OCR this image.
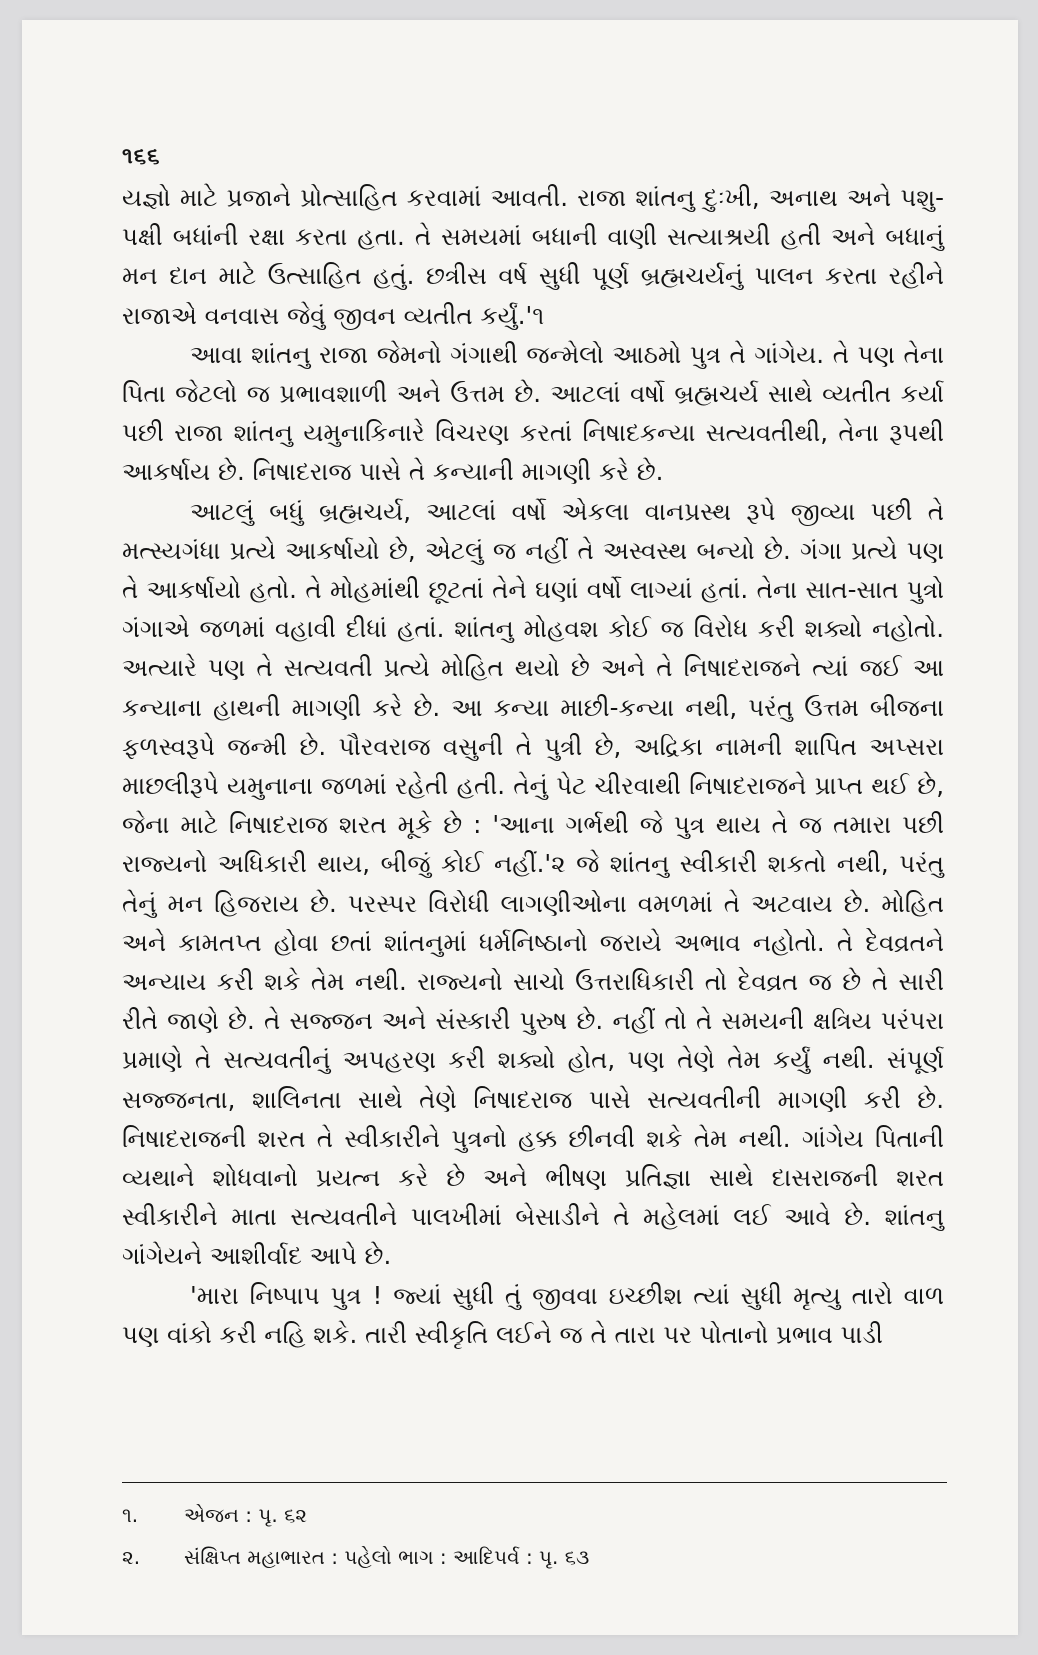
૧૬૬

યજ્ઞો માટે પ્રજાને પ્રોત્સાહિત કરવામાં આવતી. રાજા શાંતનુ દુઃખી, અનાથ અને પશુ-પક્ષી બધાંની રક્ષા કરતા હતા. તે સમયમાં બધાની વાણી સત્યાશ્રયી હતી અને બધાનું મન દાન માટે ઉત્સાહિત હતું. છત્રીસ વર્ષ સુધી પૂર્ણ બ્રહ્મચર્યનું પાલન કરતા રહીને રાજાએ વનવાસ જેવું જીવન વ્યતીત કર્યું.'૧

આવા શાંતનુ રાજા જેમનો ગંગાથી જન્મેલો આઠમો પુત્ર તે ગાંગેય. તે પણ તેના પિતા જેટલો જ પ્રભાવશાળી અને ઉત્તમ છે. આટલાં વર્ષો બ્રહ્મચર્ય સાથે વ્યતીત કર્યા પછી રાજા શાંતનુ યમુનાકિનારે વિચરણ કરતાં નિષાદકન્યા સત્યવતીથી, તેના રૂપથી આકર્ષાય છે. નિષાદરાજ પાસે તે કન્યાની માગણી કરે છે.

આટલું બધું બ્રહ્મચર્ય, આટલાં વર્ષો એકલા વાનપ્રસ્થ રૂપે જીવ્યા પછી તે મત્સ્યગંધા પ્રત્યે આકર્ષાયો છે, એટલું જ નહીં તે અસ્વસ્થ બન્યો છે. ગંગા પ્રત્યે પણ તે આકર્ષાયો હતો. તે મોહમાંથી છૂટતાં તેને ઘણાં વર્ષો લાગ્યાં હતાં. તેના સાત-સાત પુત્રો ગંગાએ જળમાં વહાવી દીધાં હતાં. શાંતનુ મોહવશ કોઈ જ વિરોધ કરી શક્યો નહોતો. અત્યારે પણ તે સત્યવતી પ્રત્યે મોહિત થયો છે અને તે નિષાદરાજને ત્યાં જઈ આ કન્યાના હાથની માગણી કરે છે. આ કન્યા માછી-કન્યા નથી, પરંતુ ઉત્તમ બીજના ફળસ્વરૂપે જન્મી છે. પૌરવરાજ વસુની તે પુત્રી છે, અદ્રિકા નામની શાપિત અપ્સરા માછલીરૂપે યમુનાના જળમાં રહેતી હતી. તેનું પેટ ચીરવાથી નિષાદરાજને પ્રાપ્ત થઈ છે, જેના માટે નિષાદરાજ શરત મૂકે છે : 'આના ગર્ભથી જે પુત્ર થાય તે જ તમારા પછી રાજ્યનો અધિકારી થાય, બીજું કોઈ નહીં.'૨ જે શાંતનુ સ્વીકારી શકતો નથી, પરંતુ તેનું મન હિજરાય છે. પરસ્પર વિરોધી લાગણીઓના વમળમાં તે અટવાય છે. મોહિત અને કામતપ્ત હોવા છતાં શાંતનુમાં ધર્મનિષ્ઠાનો જરાયે અભાવ નહોતો. તે દેવવ્રતને અન્યાય કરી શકે તેમ નથી. રાજ્યનો સાચો ઉત્તરાધિકારી તો દેવવ્રત જ છે તે સારી રીતે જાણે છે. તે સજ્જન અને સંસ્કારી પુરુષ છે. નહીં તો તે સમયની ક્ષત્રિય પરંપરા પ્રમાણે તે સત્યવતીનું અપહરણ કરી શક્યો હોત, પણ તેણે તેમ કર્યું નથી. સંપૂર્ણ સજ્જનતા, શાલિનતા સાથે તેણે નિષાદરાજ પાસે સત્યવતીની માગણી કરી છે. નિષાદરાજની શરત તે સ્વીકારીને પુત્રનો હક્ક છીનવી શકે તેમ નથી. ગાંગેય પિતાની વ્યથાને શોધવાનો પ્રયત્ન કરે છે અને ભીષણ પ્રતિજ્ઞા સાથે દાસરાજની શરત સ્વીકારીને માતા સત્યવતીને પાલખીમાં બેસાડીને તે મહેલમાં લઈ આવે છે. શાંતનુ ગાંગેયને આશીર્વાદ આપે છે.

'મારા નિષ્પાપ પુત્ર ! જ્યાં સુધી તું જીવવા ઇચ્છીશ ત્યાં સુધી મૃત્યુ તારો વાળ પણ વાંકો કરી નહિ શકે. તારી સ્વીકૃતિ લઈને જ તે તારા પર પોતાનો પ્રભાવ પાડી

૧.	એજન : પૃ. ૬૨
૨.	સંક્ષિપ્ત મહાભારત : પહેલો ભાગ : આદિપર્વ : પૃ. ૬૩
